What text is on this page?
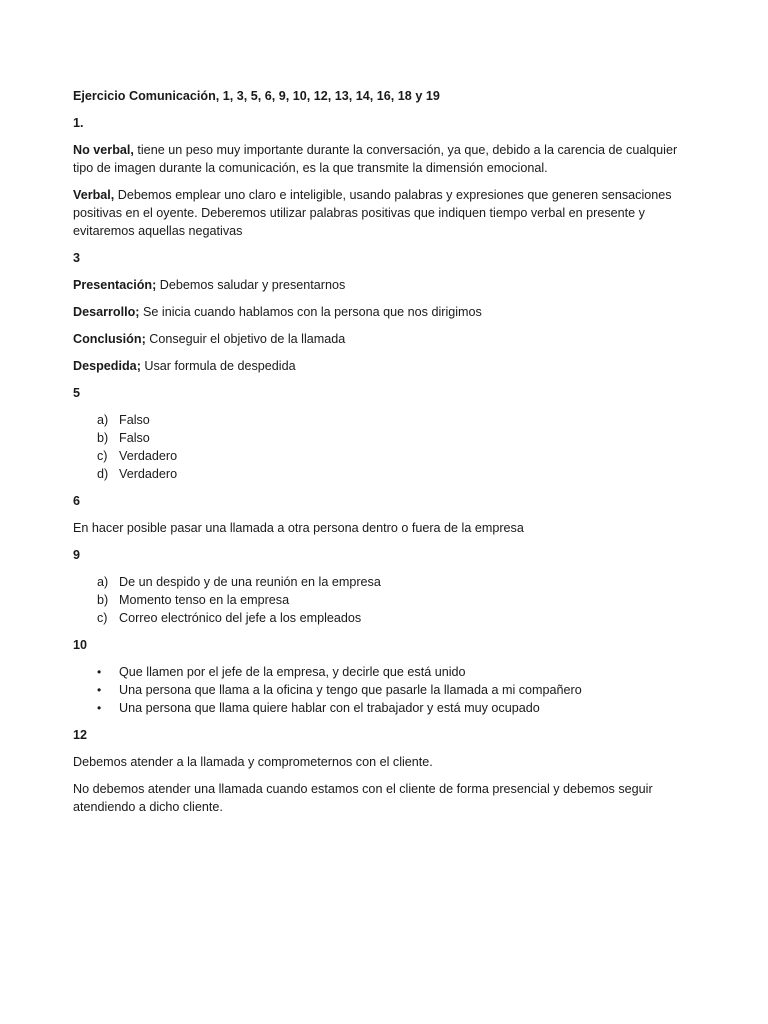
Ejercicio Comunicación, 1, 3, 5, 6, 9, 10, 12, 13, 14, 16, 18 y 19
1.
No verbal, tiene un peso muy importante durante la conversación, ya que, debido a la carencia de cualquier tipo de imagen durante la comunicación, es la que transmite la dimensión emocional.
Verbal, Debemos emplear uno claro e inteligible, usando palabras y expresiones que generen sensaciones positivas en el oyente. Deberemos utilizar palabras positivas que indiquen tiempo verbal en presente y evitaremos aquellas negativas
3
Presentación; Debemos saludar y presentarnos
Desarrollo; Se inicia cuando hablamos con la persona que nos dirigimos
Conclusión; Conseguir el objetivo de la llamada
Despedida; Usar formula de despedida
5
a) Falso
b) Falso
c) Verdadero
d) Verdadero
6
En hacer posible pasar una llamada a otra persona dentro o fuera de la empresa
9
a) De un despido y de una reunión en la empresa
b) Momento tenso en la empresa
c) Correo electrónico del jefe a los empleados
10
• Que llamen por el jefe de la empresa, y decirle que está unido
• Una persona que llama a la oficina y tengo que pasarle la llamada a mi compañero
• Una persona que llama quiere hablar con el trabajador y está muy ocupado
12
Debemos atender a la llamada y comprometernos con el cliente.
No debemos atender una llamada cuando estamos con el cliente de forma presencial y debemos seguir atendiendo a dicho cliente.
